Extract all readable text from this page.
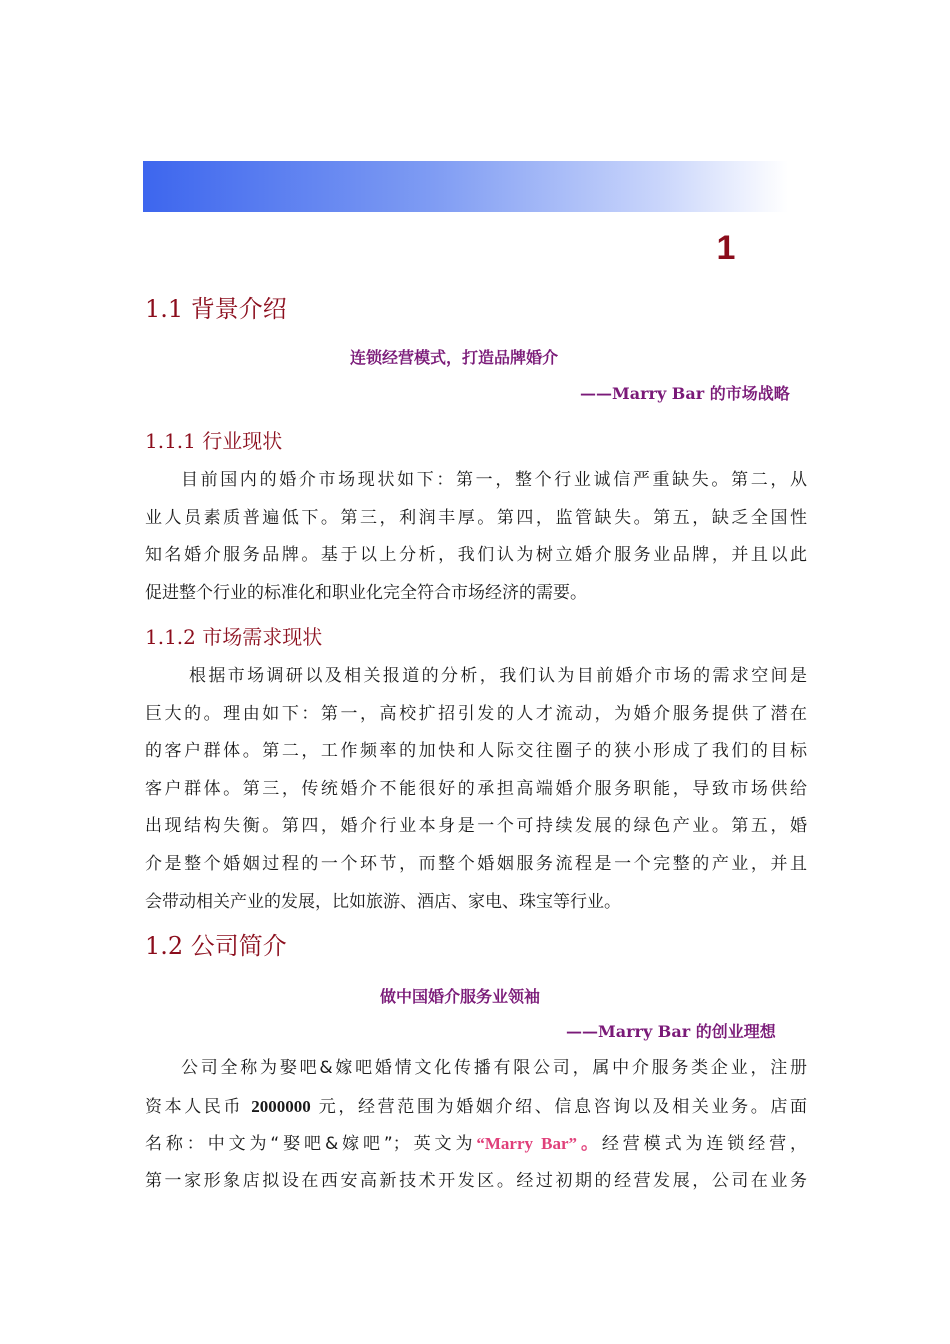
1
1.1 背景介绍
连锁经营模式，打造品牌婚介
——Marry Bar 的市场战略
1.1.1 行业现状
目前国内的婚介市场现状如下：第一，整个行业诚信严重缺失。第二，从
业人员素质普遍低下。第三，利润丰厚。第四，监管缺失。第五，缺乏全国性
知名婚介服务品牌。基于以上分析，我们认为树立婚介服务业品牌，并且以此
促进整个行业的标准化和职业化完全符合市场经济的需要。
1.1.2 市场需求现状
根据市场调研以及相关报道的分析，我们认为目前婚介市场的需求空间是
巨大的。理由如下：第一，高校扩招引发的人才流动，为婚介服务提供了潜在
的客户群体。第二，工作频率的加快和人际交往圈子的狭小形成了我们的目标
客户群体。第三，传统婚介不能很好的承担高端婚介服务职能，导致市场供给
出现结构失衡。第四，婚介行业本身是一个可持续发展的绿色产业。第五，婚
介是整个婚姻过程的一个环节，而整个婚姻服务流程是一个完整的产业，并且
会带动相关产业的发展，比如旅游、酒店、家电、珠宝等行业。
1.2 公司简介
做中国婚介服务业领袖
——Marry Bar 的创业理想
公司全称为娶吧&嫁吧婚情文化传播有限公司，属中介服务类企业，注册
资本人民币 2000000 元，经营范围为婚姻介绍、信息咨询以及相关业务。店面
名称：中文为“娶吧&嫁吧”；英文为“Marry Bar”。经营模式为连锁经营，
第一家形象店拟设在西安高新技术开发区。经过初期的经营发展，公司在业务
